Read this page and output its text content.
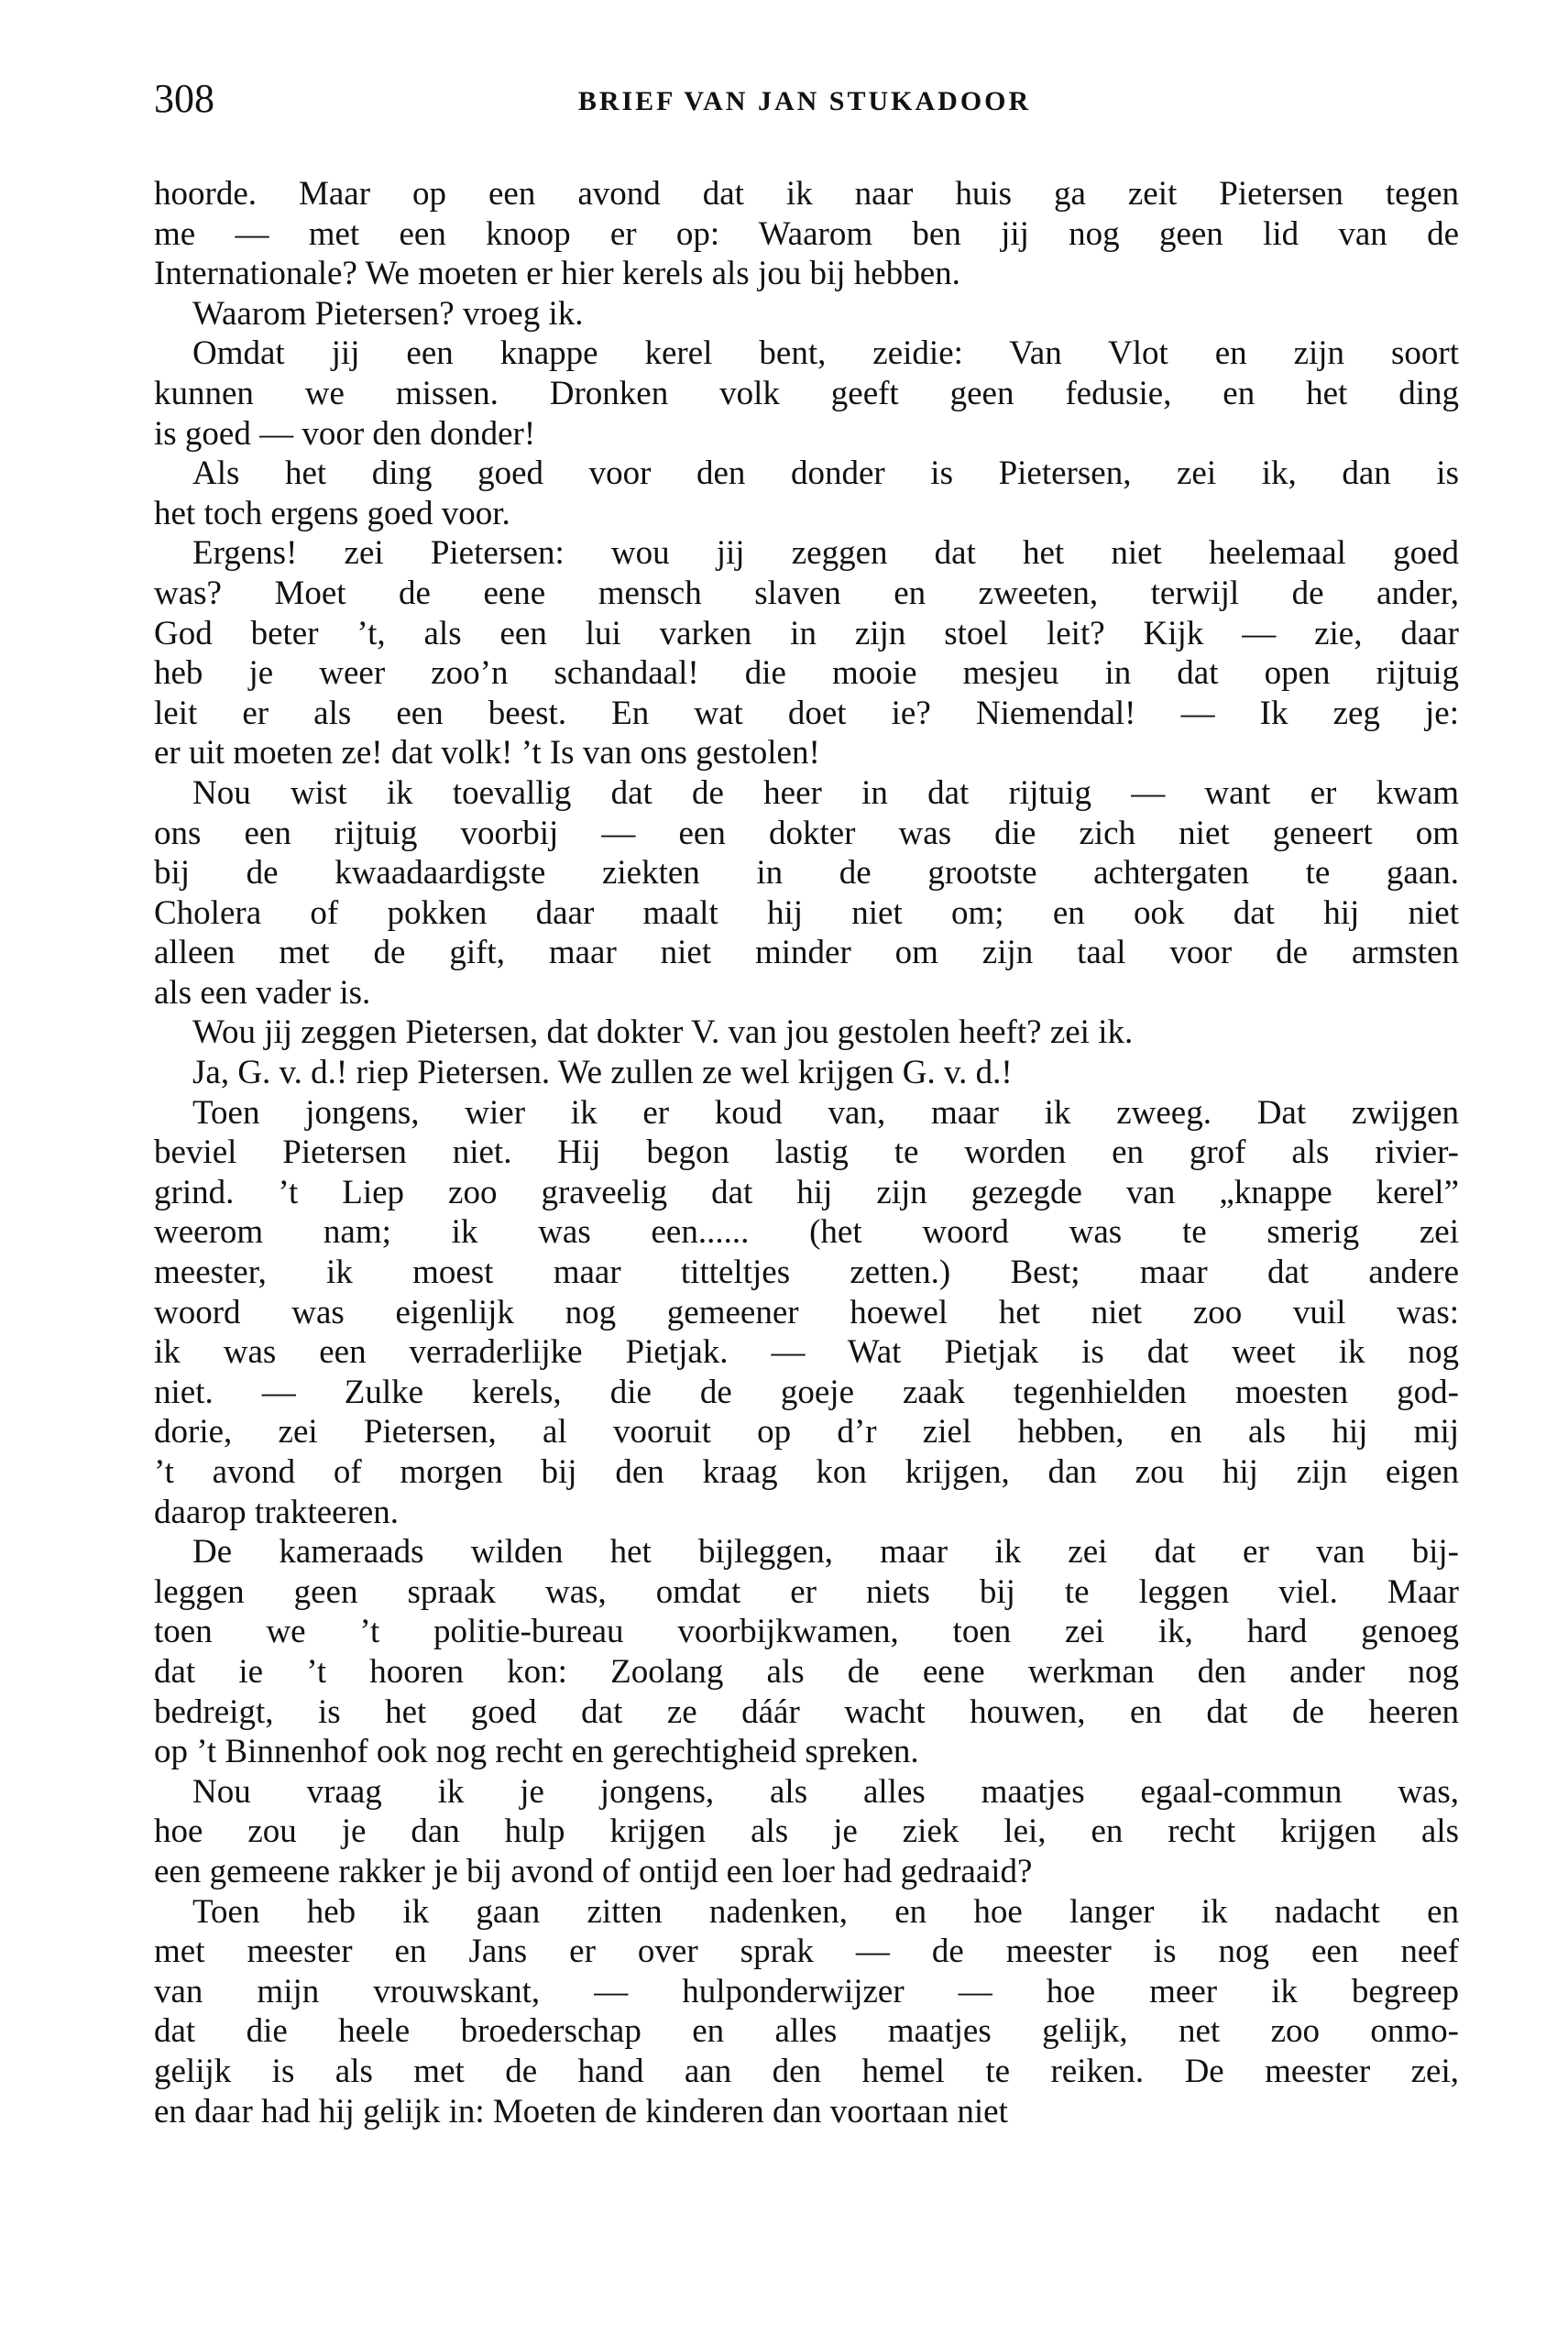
308	BRIEF VAN JAN STUKADOOR
hoorde. Maar op een avond dat ik naar huis ga zeit Pietersen tegen
me — met een knoop er op: Waarom ben jij nog geen lid van de
Internationale? We moeten er hier kerels als jou bij hebben.
Waarom Pietersen? vroeg ik.
Omdat jij een knappe kerel bent, zeidie: Van Vlot en zijn soort
kunnen we missen. Dronken volk geeft geen fedusie, en het ding
is goed — voor den donder!
Als het ding goed voor den donder is Pietersen, zei ik, dan is
het toch ergens goed voor.
Ergens! zei Pietersen: wou jij zeggen dat het niet heelemaal goed
was? Moet de eene mensch slaven en zweeten, terwijl de ander,
God beter ’t, als een lui varken in zijn stoel leit? Kijk — zie, daar
heb je weer zoo’n schandaal! die mooie mesjeu in dat open rijtuig
leit er als een beest. En wat doet ie? Niemendal! — Ik zeg je:
er uit moeten ze! dat volk! ’t Is van ons gestolen!
Nou wist ik toevallig dat de heer in dat rijtuig — want er kwam
ons een rijtuig voorbij — een dokter was die zich niet geneert om
bij de kwaadaardigste ziekten in de grootste achtergaten te gaan.
Cholera of pokken daar maalt hij niet om; en ook dat hij niet
alleen met de gift, maar niet minder om zijn taal voor de armsten
als een vader is.
Wou jij zeggen Pietersen, dat dokter V. van jou gestolen heeft? zei ik.
Ja, G. v. d.! riep Pietersen. We zullen ze wel krijgen G. v. d.!
Toen jongens, wier ik er koud van, maar ik zweeg. Dat zwijgen
beviel Pietersen niet. Hij begon lastig te worden en grof als rivier-
grind. ’t Liep zoo graveelig dat hij zijn gezegde van „knappe kerel”
weerom nam; ik was een...... (het woord was te smerig zei
meester, ik moest maar titteltjes zetten.) Best; maar dat andere
woord was eigenlijk nog gemeener hoewel het niet zoo vuil was:
ik was een verraderlijke Pietjak. — Wat Pietjak is dat weet ik nog
niet. — Zulke kerels, die de goeje zaak tegenhielden moesten god-
dorie, zei Pietersen, al vooruit op d’r ziel hebben, en als hij mij
’t avond of morgen bij den kraag kon krijgen, dan zou hij zijn eigen
daarop trakteeren.
De kameraads wilden het bijleggen, maar ik zei dat er van bij-
leggen geen spraak was, omdat er niets bij te leggen viel. Maar
toen we ’t politie-bureau voorbijkwamen, toen zei ik, hard genoeg
dat ie ’t hooren kon: Zoolang als de eene werkman den ander nog
bedreigt, is het goed dat ze dáár wacht houwen, en dat de heeren
op ’t Binnenhof ook nog recht en gerechtigheid spreken.
Nou vraag ik je jongens, als alles maatjes egaal-commun was,
hoe zou je dan hulp krijgen als je ziek lei, en recht krijgen als
een gemeene rakker je bij avond of ontijd een loer had gedraaid?
Toen heb ik gaan zitten nadenken, en hoe langer ik nadacht en
met meester en Jans er over sprak — de meester is nog een neef
van mijn vrouwskant, — hulponderwijzer — hoe meer ik begreep
dat die heele broederschap en alles maatjes gelijk, net zoo onmo-
gelijk is als met de hand aan den hemel te reiken. De meester zei,
en daar had hij gelijk in: Moeten de kinderen dan voortaan niet
